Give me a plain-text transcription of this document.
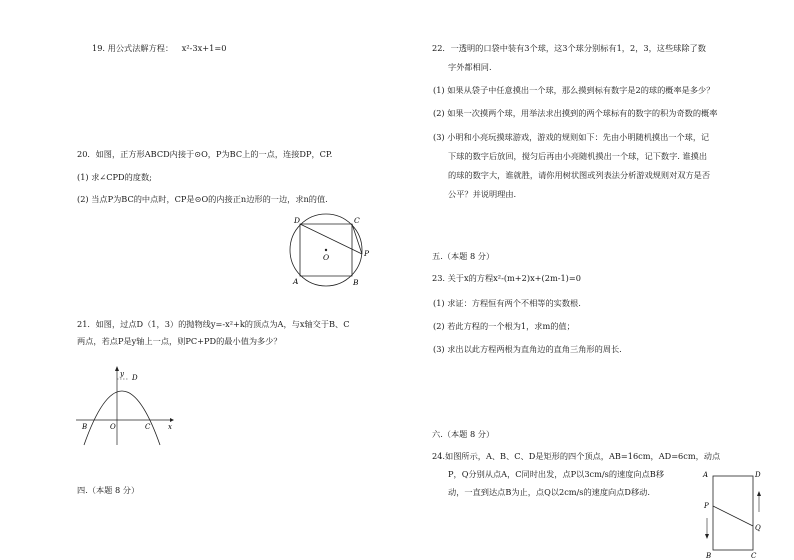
19. 用公式法解方程： x²-3x+1=0
20．如图，正方形ABCD内接于⊙O，P为BC上的一点，连接DP，CP.
(1) 求∠CPD的度数;
(2) 当点P为BC的中点时，CP是⊙O的内接正n边形的一边，求n的值.
D	C
P
O
A	B
21．如图，过点D（1，3）的抛物线y=-x²+k的顶点为A，与x轴交于B、C
两点，若点P是y轴上一点，则PC+PD的最小值为多少？
y
x
D
B	O	C
四.（本题 8 分）
22．一透明的口袋中装有3个球，这3个球分别标有1，2，3，这些球除了数
字外都相同.
(1) 如果从袋子中任意摸出一个球，那么摸到标有数字是2的球的概率是多少？
(2) 如果一次摸两个球，用举法求出摸到的两个球标有的数字的积为奇数的概率
(3) 小明和小亮玩摸球游戏，游戏的规则如下：先由小明随机摸出一个球，记
下球的数字后放回，搅匀后再由小亮随机摸出一个球，记下数字. 谁摸出
的球的数字大，谁就胜，请你用树状图或列表法分析游戏规则对双方是否
公平？并说明理由.
五.（本题 8 分）
23. 关于x的方程x²-(m+2)x+(2m-1)=0
(1) 求证：方程恒有两个不相等的实数根.
(2) 若此方程的一个根为1，求m的值；
(3) 求出以此方程两根为直角边的直角三角形的周长.
六.（本题 8 分）
24.如图所示，A、B、C、D是矩形的四个顶点，AB=16cm，AD=6cm，动点
P，Q分别从点A，C同时出发，点P以3cm/s的速度向点B移
动，一直到达点B为止，点Q以2cm/s的速度向点D移动.
A	D
P
Q
B	C
